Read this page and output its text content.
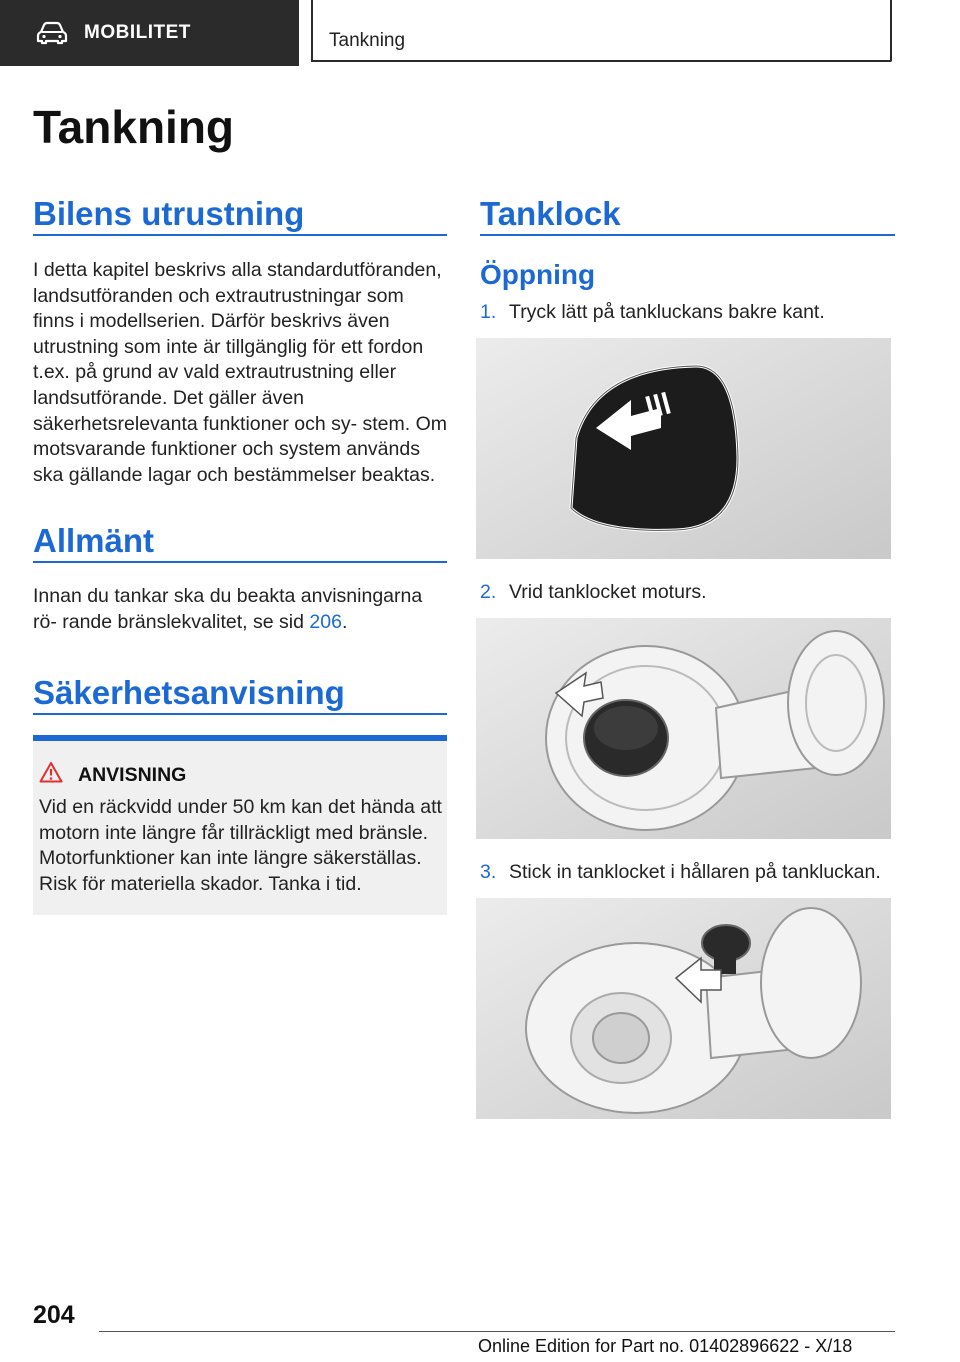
MOBILITET	Tankning
Tankning
Bilens utrustning

I detta kapitel beskrivs alla standardutföranden, landsutföranden och extrautrustningar som finns i modellserien. Därför beskrivs även utrustning som inte är tillgänglig för ett fordon t.ex. på grund av vald extrautrustning eller landsutförande. Det gäller även säkerhetsrelevanta funktioner och sy‐ stem. Om motsvarande funktioner och system används ska gällande lagar och bestämmelser beaktas.

Allmänt

Innan du tankar ska du beakta anvisningarna rö‐ rande bränslekvalitet, se sid 206.

Säkerhetsanvisning
ANVISNING
Vid en räckvidd under 50 km kan det hända att motorn inte längre får tillräckligt med bränsle. Motorfunktioner kan inte längre säkerställas. Risk för materiella skador. Tanka i tid.
Tanklock
Öppning
1. Tryck lätt på tankluckans bakre kant.
2. Vrid tanklocket moturs.
3. Stick in tanklocket i hållaren på tankluckan.
204
Online Edition for Part no. 01402896622 - X/18
